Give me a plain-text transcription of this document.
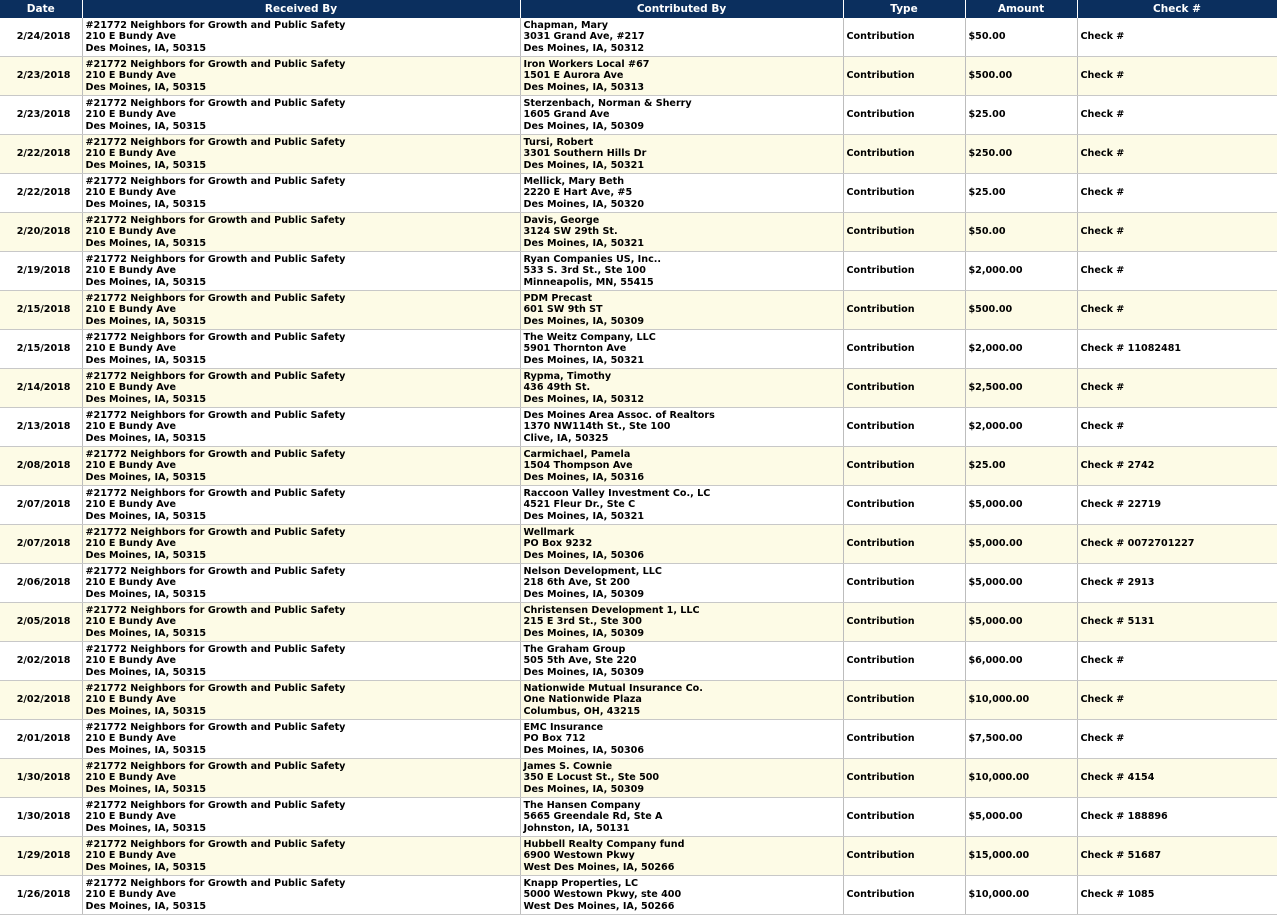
Date	Received By	Contributed By	Type	Amount	Check #
2/24/2018	#21772 Neighbors for Growth and Public Safety
210 E Bundy Ave
Des Moines, IA, 50315	Chapman, Mary
3031 Grand Ave, #217
Des Moines, IA, 50312	Contribution	$50.00	Check #
2/23/2018	#21772 Neighbors for Growth and Public Safety
210 E Bundy Ave
Des Moines, IA, 50315	Iron Workers Local #67
1501 E Aurora Ave
Des Moines, IA, 50313	Contribution	$500.00	Check #
2/23/2018	#21772 Neighbors for Growth and Public Safety
210 E Bundy Ave
Des Moines, IA, 50315	Sterzenbach, Norman & Sherry
1605 Grand Ave
Des Moines, IA, 50309	Contribution	$25.00	Check #
2/22/2018	#21772 Neighbors for Growth and Public Safety
210 E Bundy Ave
Des Moines, IA, 50315	Tursi, Robert
3301 Southern Hills Dr
Des Moines, IA, 50321	Contribution	$250.00	Check #
2/22/2018	#21772 Neighbors for Growth and Public Safety
210 E Bundy Ave
Des Moines, IA, 50315	Mellick, Mary Beth
2220 E Hart Ave, #5
Des Moines, IA, 50320	Contribution	$25.00	Check #
2/20/2018	#21772 Neighbors for Growth and Public Safety
210 E Bundy Ave
Des Moines, IA, 50315	Davis, George
3124 SW 29th St.
Des Moines, IA, 50321	Contribution	$50.00	Check #
2/19/2018	#21772 Neighbors for Growth and Public Safety
210 E Bundy Ave
Des Moines, IA, 50315	Ryan Companies US, Inc..
533 S. 3rd St., Ste 100
Minneapolis, MN, 55415	Contribution	$2,000.00	Check #
2/15/2018	#21772 Neighbors for Growth and Public Safety
210 E Bundy Ave
Des Moines, IA, 50315	PDM Precast
601 SW 9th ST
Des Moines, IA, 50309	Contribution	$500.00	Check #
2/15/2018	#21772 Neighbors for Growth and Public Safety
210 E Bundy Ave
Des Moines, IA, 50315	The Weitz Company, LLC
5901 Thornton Ave
Des Moines, IA, 50321	Contribution	$2,000.00	Check # 11082481
2/14/2018	#21772 Neighbors for Growth and Public Safety
210 E Bundy Ave
Des Moines, IA, 50315	Rypma, Timothy
436 49th St.
Des Moines, IA, 50312	Contribution	$2,500.00	Check #
2/13/2018	#21772 Neighbors for Growth and Public Safety
210 E Bundy Ave
Des Moines, IA, 50315	Des Moines Area Assoc. of Realtors
1370 NW114th St., Ste 100
Clive, IA, 50325	Contribution	$2,000.00	Check #
2/08/2018	#21772 Neighbors for Growth and Public Safety
210 E Bundy Ave
Des Moines, IA, 50315	Carmichael, Pamela
1504 Thompson Ave
Des Moines, IA, 50316	Contribution	$25.00	Check # 2742
2/07/2018	#21772 Neighbors for Growth and Public Safety
210 E Bundy Ave
Des Moines, IA, 50315	Raccoon Valley Investment Co., LC
4521 Fleur Dr., Ste C
Des Moines, IA, 50321	Contribution	$5,000.00	Check # 22719
2/07/2018	#21772 Neighbors for Growth and Public Safety
210 E Bundy Ave
Des Moines, IA, 50315	Wellmark
PO Box 9232
Des Moines, IA, 50306	Contribution	$5,000.00	Check # 0072701227
2/06/2018	#21772 Neighbors for Growth and Public Safety
210 E Bundy Ave
Des Moines, IA, 50315	Nelson Development, LLC
218 6th Ave, St 200
Des Moines, IA, 50309	Contribution	$5,000.00	Check # 2913
2/05/2018	#21772 Neighbors for Growth and Public Safety
210 E Bundy Ave
Des Moines, IA, 50315	Christensen Development 1, LLC
215 E 3rd St., Ste 300
Des Moines, IA, 50309	Contribution	$5,000.00	Check # 5131
2/02/2018	#21772 Neighbors for Growth and Public Safety
210 E Bundy Ave
Des Moines, IA, 50315	The Graham Group
505 5th Ave, Ste 220
Des Moines, IA, 50309	Contribution	$6,000.00	Check #
2/02/2018	#21772 Neighbors for Growth and Public Safety
210 E Bundy Ave
Des Moines, IA, 50315	Nationwide Mutual Insurance Co.
One Nationwide Plaza
Columbus, OH, 43215	Contribution	$10,000.00	Check #
2/01/2018	#21772 Neighbors for Growth and Public Safety
210 E Bundy Ave
Des Moines, IA, 50315	EMC Insurance
PO Box 712
Des Moines, IA, 50306	Contribution	$7,500.00	Check #
1/30/2018	#21772 Neighbors for Growth and Public Safety
210 E Bundy Ave
Des Moines, IA, 50315	James S. Cownie
350 E Locust St., Ste 500
Des Moines, IA, 50309	Contribution	$10,000.00	Check # 4154
1/30/2018	#21772 Neighbors for Growth and Public Safety
210 E Bundy Ave
Des Moines, IA, 50315	The Hansen Company
5665 Greendale Rd, Ste A
Johnston, IA, 50131	Contribution	$5,000.00	Check # 188896
1/29/2018	#21772 Neighbors for Growth and Public Safety
210 E Bundy Ave
Des Moines, IA, 50315	Hubbell Realty Company fund
6900 Westown Pkwy
West Des Moines, IA, 50266	Contribution	$15,000.00	Check # 51687
1/26/2018	#21772 Neighbors for Growth and Public Safety
210 E Bundy Ave
Des Moines, IA, 50315	Knapp Properties, LC
5000 Westown Pkwy, ste 400
West Des Moines, IA, 50266	Contribution	$10,000.00	Check # 1085
